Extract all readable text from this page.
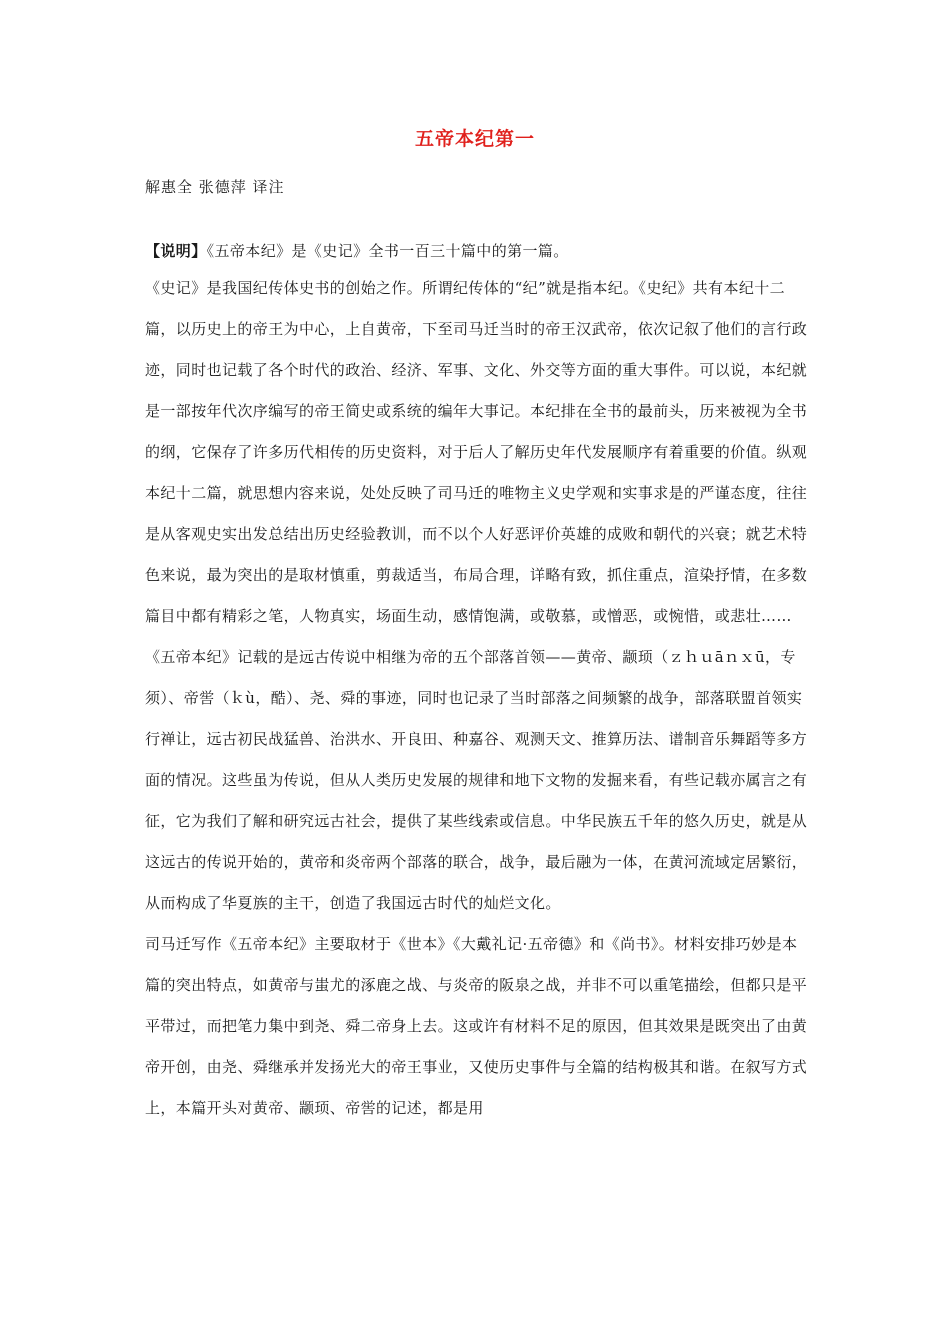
五帝本纪第一
解惠全 张德萍 译注

【说明】《五帝本纪》是《史记》全书一百三十篇中的第一篇。

《史记》是我国纪传体史书的创始之作。所谓纪传体的“纪”就是指本纪。《史纪》共有本纪十二篇，以历史上的帝王为中心，上自黄帝，下至司马迁当时的帝王汉武帝，依次记叙了他们的言行政迹，同时也记载了各个时代的政治、经济、军事、文化、外交等方面的重大事件。可以说，本纪就是一部按年代次序编写的帝王简史或系统的编年大事记。本纪排在全书的最前头，历来被视为全书的纲，它保存了许多历代相传的历史资料，对于后人了解历史年代发展顺序有着重要的价值。纵观本纪十二篇，就思想内容来说，处处反映了司马迁的唯物主义史学观和实事求是的严谨态度，往往是从客观史实出发总结出历史经验教训，而不以个人好恶评价英雄的成败和朝代的兴衰；就艺术特色来说，最为突出的是取材慎重，剪裁适当，布局合理，详略有致，抓住重点，渲染抒情，在多数篇目中都有精彩之笔，人物真实，场面生动，感情饱满，或敬慕，或憎恶，或惋惜，或悲壮……

《五帝本纪》记载的是远古传说中相继为帝的五个部落首领——黄帝、颛顼（ｚｈｕāｎｘū，专须）、帝喾（ｋù，酷）、尧、舜的事迹，同时也记录了当时部落之间频繁的战争，部落联盟首领实行禅让，远古初民战猛兽、治洪水、开良田、种嘉谷、观测天文、推算历法、谱制音乐舞蹈等多方面的情况。这些虽为传说，但从人类历史发展的规律和地下文物的发掘来看，有些记载亦属言之有征，它为我们了解和研究远古社会，提供了某些线索或信息。中华民族五千年的悠久历史，就是从这远古的传说开始的，黄帝和炎帝两个部落的联合，战争，最后融为一体，在黄河流域定居繁衍，从而构成了华夏族的主干，创造了我国远古时代的灿烂文化。

司马迁写作《五帝本纪》主要取材于《世本》《大戴礼记·五帝德》和《尚书》。材料安排巧妙是本篇的突出特点，如黄帝与蚩尤的涿鹿之战、与炎帝的阪泉之战，并非不可以重笔描绘，但都只是平平带过，而把笔力集中到尧、舜二帝身上去。这或许有材料不足的原因，但其效果是既突出了由黄帝开创，由尧、舜继承并发扬光大的帝王事业，又使历史事件与全篇的结构极其和谐。在叙写方式上，本篇开头对黄帝、颛顼、帝喾的记述，都是用
